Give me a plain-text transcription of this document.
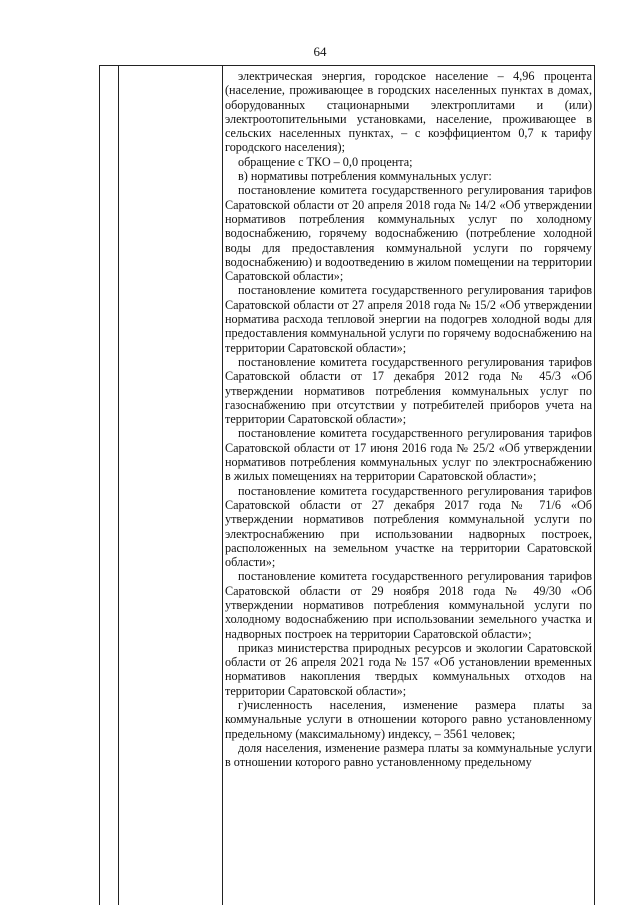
64

электрическая энергия, городское население – 4,96 процента (население, проживающее в городских населенных пунктах в домах, оборудованных стационарными электроплитами и (или) электроотопительными установками, население, проживающее в сельских населенных пунктах, – с коэффициентом 0,7 к тарифу городского населения);

обращение с ТКО – 0,0 процента;

в) нормативы потребления коммунальных услуг:

постановление комитета государственного регулирования тарифов Саратовской области от 20 апреля 2018 года № 14/2 «Об утверждении нормативов потребления коммунальных услуг по холодному водоснабжению, горячему водоснабжению (потребление холодной воды для предоставления коммунальной услуги по горячему водоснабжению) и водоотведению в жилом помещении на территории Саратовской области»;

постановление комитета государственного регулирования тарифов Саратовской области от 27 апреля 2018 года № 15/2 «Об утверждении норматива расхода тепловой энергии на подогрев холодной воды для предоставления коммунальной услуги по горячему водоснабжению на территории Саратовской области»;

постановление комитета государственного регулирования тарифов Саратовской области от 17 декабря 2012 года № 45/3 «Об утверждении нормативов потребления коммунальных услуг по газоснабжению при отсутствии у потребителей приборов учета на территории Саратовской области»;

постановление комитета государственного регулирования тарифов Саратовской области от 17 июня 2016 года № 25/2 «Об утверждении нормативов потребления коммунальных услуг по электроснабжению в жилых помещениях на территории Саратовской области»;

постановление комитета государственного регулирования тарифов Саратовской области от 27 декабря 2017 года № 71/6 «Об утверждении нормативов потребления коммунальной услуги по электроснабжению при использовании надворных построек, расположенных на земельном участке на территории Саратовской области»;

постановление комитета государственного регулирования тарифов Саратовской области от 29 ноября 2018 года № 49/30 «Об утверждении нормативов потребления коммунальной услуги по холодному водоснабжению при использовании земельного участка и надворных построек на территории Саратовской области»;

приказ министерства природных ресурсов и экологии Саратовской области от 26 апреля 2021 года № 157 «Об установлении временных нормативов накопления твердых коммунальных отходов на территории Саратовской области»;

г)численность населения, изменение размера платы за коммунальные услуги в отношении которого равно установленному предельному (максимальному) индексу, – 3561 человек;

доля населения, изменение размера платы за коммунальные услуги в отношении которого равно установленному предельному
